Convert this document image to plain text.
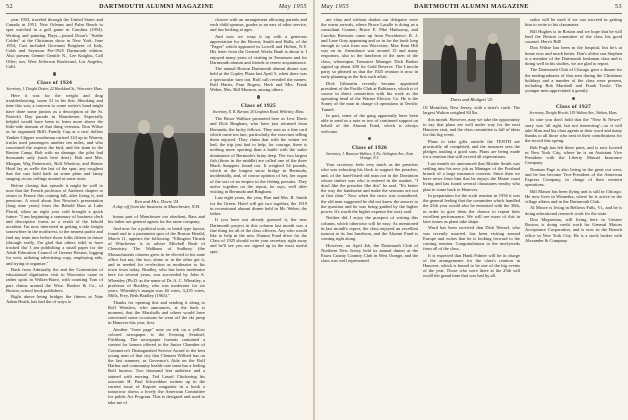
52	DARTMOUTH ALUMNI MAGAZINE	May 1955

year 1953, traveled through the United States and Canada in 1951. New Orleans and Palm Beach to spot watched in a golf game in Carolina (1954). Writing and painting Plays—joined Doon's "Stable Colder" at the Christmas show in New York. June 1954, Cast included Giovanni Borghese of Italy, Cobb and Seymour Pre-1925 Dartmouth edition. Also present Gennie Gentile N., Lee Knights, Call Offer; ton; West Jefferson Boulevard, Los Angeles, Calif.

Class of 1924
Secretary, J. Dwight Dexter, 22 Hawkland St., Worcester, Mass.

Here it was for the weight and drug troubleshooting, some 31 in his this. Shucking and time this war, a concern to come writer's hand might have done some juniors as a description of the St. Patrick's Day parade in Manchester. Especially helpful would have been to learn more above the little-side domain of that thing veterans. Don Wiltse as he organized Bill's Family Cup at a new dollars Yankee Clipper woodsman carried 124 up in Warren, trucks used passengers another ten miles, and who concerned the experts the bird, and the team in the Ravine Camp. Bob with no damage, the pilot had thousands only (such here does). Bob and Mrs. Morgan, Wig Patterson's, Rolf Winslow, and Homer Hurd lay as welle the last of the spur, any roughest that the cars hold back on some plain and fanny snaging circus ceilings around at some seats.

Before closing that episode it might be well to note that the French professor of Amherst chapter to return to France this coming fall, after living it, and pensions. A word about Jim Newton's presentation (long nine years) from the Behold Bass at Lake Placid, when an eight year cold brought a quick future: "I am beginning a summary of business clerk and descriptive forms as a result of the behold accident. I'm now interested in getting a ride freight somewhere in the northwest, to the nearest parlor and find my team into before those folks fifteen in future (through really, I'm glad that others ride) to have tracked tho' I am publishing a small paper for the Adult Education Council of Greater Boston, logging for west, utilizing advertising copy, employing aids, and trying to organize."

Back from Admiralty the and the Convention of educational dignitaries visit to Worcester came to rather spirit in Wilkes-Barre, with counting Tom of part claims around the Wise. Booker & Co., of Boston, school book publishers.

Right above being bridges the fitness at Nate Adam Heath, has had the of ways to

Ken and Mrs. Davis '24
A day off from the business in Manchester, N.H.

bonus part of Manchester too obedient, Bass and his father are general agents for the same company.

And now for a political note, to bated type layout, found and in a prominent spot of the Boston Herald, March 11, appears the following: "Ellington Thrush of Winchester is to advise Mitchell Bush of Chemistry. The Waltham of Sudbury (the Massachusetts citizens grew to be elected to his state office but not, the two, alone or in the other get it, and in needed for re-election as moderator to his town town today. Bradley, who has been moderator here for several years, was succeeded by John A. Wheatley (Ph.D. as the name of Dr. A. C. Wheatley, a professor of Buckley, who was moderator for six years. Wheatley's margin was 40 votes, 3,235 votes, Mills, Frey, Beth Bradley (1963)."

Thanks for opening this and sending it along to Rolf Winslow, who announces, at the back is moment, that the Marshalls and others would have concerned some occasions he went off the ski jump in Hanover this year, first.

Another "front page" note on ink on a yellow colored newspaper is the Evening Sentinel, Fitchburg. The newspaper formats contained a contest for honors offered to the Junior Chamber of Commerce's Distinguished Service Award to the best young man of that city that Clement Wilfred has on the last summer, as Governor's Aide on the Rolf Harbor and community health-care team has a feeling Rolf hostess. Two thousand feet audience and a stained with nursing. Ted Lassel Chickering his associate H. Paul Schweikher written up in the current issue of Esquire magazine in a hook a tomorrow shows a lovely the American Committee for public Art Program. This is designed and used to take me of

closure with an arrangement allowing parents and each child sponsor, grades to an ears of other service, and fun looking at ages.

And now we wrap it up with a generous appreciation for the Brown, Smith and Hulls, of the "Pages" which appeared in Lowell and Holten, N.Y. His letter from the General Works Bank is about it. I enjoyed many years of visiting as Tennessee and for Dartmouth alumni and friends to renew acquaintance.

The annual Boston Dartmouth alumni dinner was held at the Copley Plaza last April 5, when there was a spectacular turn out. Roll call revealed the names: Rolf Harris, Fran Rogers, Herb and Mrs. Frank Weber, Mrs. Bill Munson, among others.

Class of 1925
Secretary, E. R. Burnett, 20 Leighton Road, Wellesley, Mass.

The Bruce Wallace promoted here as Lew Davis and Dick Bingham, who have just returned from Bermuda, the lucky fellows. They sent us a fine card which came too late, particularly the exercises telling them enjoyed. They claim that with the winter we had, the trip just had to help, for courage, there is nothing more sporting than a battle with the sailor dominance of Bermuda's briny deep. The two largest fish (those in the middle) are called one of the three Black Snappers found out. It weighed 54 pounds, which at the longest snow bridge in Bermuda, incidentally, and, of course opinion of her, her organ of the sort of an empire in the fishing pursuits. They arrive together on the report, he says, well after visiting in Bermuda and Bingham.

Last eight years, the year, Ron and Mrs. R. Smith for the Green. Hotel will get two together, the 1919 in recreational alumni dinner held in Mr. Weber, the father.

If you have not already guessed it, the new Dartmouth project in this column last month was a fine thing for all of the class officers. Any who would like to help in the new Alumni Fund drive for the Class of 1925 should write your secretary right away and he'll see you are signed up in the most useful spot.

May 1955	DARTMOUTH ALUMNI MAGAZINE	53

are class and without doubts our delegates were the warm arrivals, where Bruce Lasalle is doing as a consultant Cramer; Bruce E. Pike Hathaway, and Carolyn Brewster came up from Providence; R. J. and Lane Gray appearing and so in for the book long enough to visit from son Worcester; Max Kent Hill was on in. Attendance was around 15 and many responses, also to the luncheon of the men of the class, whereupon Treasurer Manager Dick Barber signed up about 200 for Gold Reserve. The Lincoln party so pleased us that the 1925 reunion is now in early planning as the first such affair.

Dick Gilmartin recently became appointed president of the Profile Club at Baltimore, which is of course in direct connection with his work as the operating head of the Warner Electric Co. He is the Sonny of the man in charge of operations at Terrific Tunnel.

In part, some of the gang apparently have been able to send us a note or two of continued support on behalf of the Alumni Fund, which is always welcome.

Class of 1926
Secretary, J. Branson Wallace, 5 No. Arlington Ave., East Orange, N.J.

Your secretary feels very much as the preacher who was exhorting his flock to support the preacher, and, of the hard-fisted old man out in the Dominion whose timber was who is entered in the market. "I don't like the preacher like this" he said. "It's better the way the handsome and make the sermons are not at first than." Now when the news was considered, the old man suggested he did not know the answer to the question and he was being guided by the higher power. It's worth the higher expense the story said.

Neither did I enjoy the prospect of writing this column, which otherwise will be easy. As mentioned in last month's report, the class enjoyed an excellent turnout at its last luncheon, and the Alumni Fund is coming right along.

However, on April 4th, the Dartmouth Club of Northern New Jersey held its annual dinner at the Essex County Country Club in West Orange, and the class was well represented.

Davis and Blodgett '25

Of Montclair, New Jersey, with a skier's catch. The largest Walton weighed 84 lbs.

this month. However, may we take the opportunity to say that plans are well under way for the next Hanover visit, and the class committee is full of ideas for this big event.

Plans to take gifts outside the TENTH are practically all completed, and the treasurer sees the pledges totaling a good sum. Plans are being made for a reunion that will exceed all expectations.

Last month we announced that Ritchie Smith was settling into his new job as Manager of the Portland branch of a large insurance concern. Since then we have news from him that he enjoys the Maine coast living and has found several classmates nearby who plan to come back to Hanover.

In preparation for the sixth reunion in 1956 it was the general feeling that the committee which handled the 25th year would also be entrusted with the 30th, in order to give them the chance to repeat their excellent performance. We will see more of this in later issues as plans take shape.

Word has been received that Dick Wessel, who was recently married, has been visiting around Europe and writes that he is looking forward to the coming reunion. Congratulations to the newlyweds from all of the class.

It is expected that Hank Palmer will be in charge of the arrangements for the class's reunion in Hanover, which is bound to be one of the big events of the year. Those who were there at the 25th will recall the grand time that was had by all.

sailor will be used if we can succeed in getting him to write to his classmates.

Bill Hughes is in Boston and we hope that he will lend the Boston committee of the class his good counsel. Here's Bill!

Don Wiltse has been in the hospital, but he's at home now and much better. Don's oldest son Stephen is a member of the Dartmouth freshman class and is doing well in his studies, we are glad to report.

The Dartmouth Club of Chicago gave a dinner for the undergraduates of that area during the Christmas holidays and a number of the class were present, including Bob Marshall and Frank Towle. The younger men appreciated it greatly.

Class of 1927
Secretary, Dwight Hewitt, 159 Walton Ave., Walton, Mass.

In case you don't hold that the "New & Newer" story was 'all right, but not interesting'—so it will take Slim and his class agents at their word and many thanks to all those who sent in their contributions for the record this spring.

Bob Pugh has left these parts, and is now located in New York City, where he is an Assistant Vice President with the Liberty Mutual Insurance Company.

Norman Page is also living in the great out west, and he has become Vice-President of the American Express Company, in charge of their western operations.

Bill Mason has been flying and is still in Chicago. He now lives in Winnetka, where he is active in the village affairs and in the Dartmouth Club.

Al Moore is living in Bellows Falls, Vt., and he is doing educational research work for the state.

Don Meguerian, still living here in Greater Boston, is doing credit work for General Motors Acceptance Corporation, and is now in the Branch office in New York City. He is a stock broker with Alexander & Company.
